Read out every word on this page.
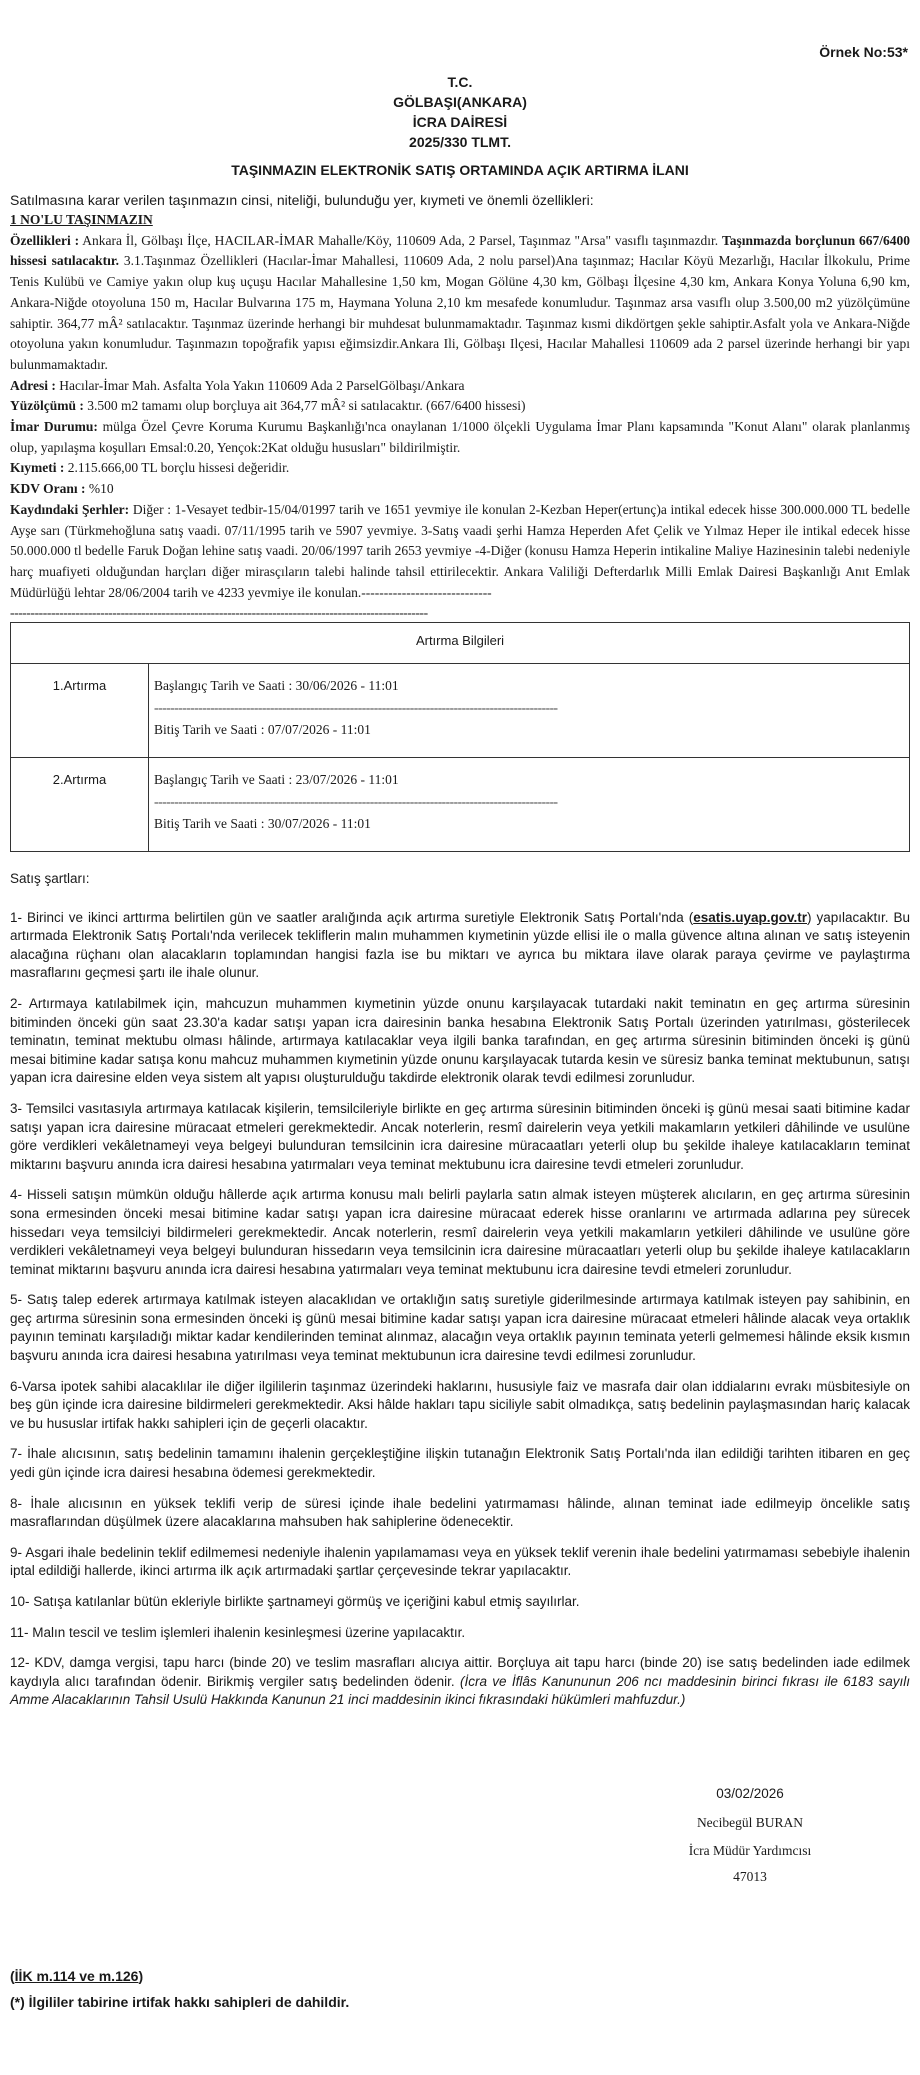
Örnek No:53*
T.C.
GÖLBAŞI(ANKARA)
İCRA DAİRESİ
2025/330 TLMT.
TAŞINMAZIN ELEKTRONİK SATIŞ ORTAMINDA AÇIK ARTIRMA İLANI
Satılmasına karar verilen taşınmazın cinsi, niteliği, bulunduğu yer, kıymeti ve önemli özellikleri:

1 NO'LU TAŞINMAZIN

Özellikleri : Ankara İl, Gölbaşı İlçe, HACILAR-İMAR Mahalle/Köy, 110609 Ada, 2 Parsel, Taşınmaz "Arsa" vasıflı taşınmazdır. Taşınmazda borçlunun 667/6400 hissesi satılacaktır. 3.1.Taşınmaz Özellikleri (Hacılar-İmar Mahallesi, 110609 Ada, 2 nolu parsel)Ana taşınmaz; Hacılar Köyü Mezarlığı, Hacılar İlkokulu, Prime Tenis Kulübü ve Camiye yakın olup kuş uçuşu Hacılar Mahallesine 1,50 km, Mogan Gölüne 4,30 km, Gölbaşı İlçesine 4,30 km, Ankara Konya Yoluna 6,90 km, Ankara-Niğde otoyoluna 150 m, Hacılar Bulvarına 175 m, Haymana Yoluna 2,10 km mesafede konumludur. Taşınmaz arsa vasıflı olup 3.500,00 m2 yüzölçümüne sahiptir. 364,77 mÂ² satılacaktır. Taşınmaz üzerinde herhangi bir muhdesat bulunmamaktadır. Taşınmaz kısmi dikdörtgen şekle sahiptir.Asfalt yola ve Ankara-Niğde otoyoluna yakın konumludur. Taşınmazın topoğrafik yapısı eğimsizdir.Ankara Ili, Gölbaşı Ilçesi, Hacılar Mahallesi 110609 ada 2 parsel üzerinde herhangi bir yapı bulunmamaktadır.

Adresi : Hacılar-İmar Mah. Asfalta Yola Yakın 110609 Ada 2 ParselGölbaşı/Ankara

Yüzölçümü : 3.500 m2 tamamı olup borçluya ait 364,77 mÂ² si satılacaktır. (667/6400 hissesi)

İmar Durumu: mülga Özel Çevre Koruma Kurumu Başkanlığı'nca onaylanan 1/1000 ölçekli Uygulama İmar Planı kapsamında "Konut Alanı" olarak planlanmış olup, yapılaşma koşulları Emsal:0.20, Yençok:2Kat olduğu hususları" bildirilmiştir.

Kıymeti : 2.115.666,00 TL borçlu hissesi değeridir.

KDV Oranı : %10

Kaydındaki Şerhler: Diğer : 1-Vesayet tedbir-15/04/01997 tarih ve 1651 yevmiye ile konulan 2-Kezban Heper(ertunç)a intikal edecek hisse 300.000.000 TL bedelle Ayşe sarı (Türkmehoğluna satış vaadi. 07/11/1995 tarih ve 5907 yevmiye. 3-Satış vaadi şerhi Hamza Heperden Afet Çelik ve Yılmaz Heper ile intikal edecek hisse 50.000.000 tl bedelle Faruk Doğan lehine satış vaadi. 20/06/1997 tarih 2653 yevmiye -4-Diğer (konusu Hamza Heperin intikaline Maliye Hazinesinin talebi nedeniyle harç muafiyeti olduğundan harçları diğer mirasçıların talebi halinde tahsil ettirilecektir. Ankara Valiliği Defterdarlık Milli Emlak Dairesi Başkanlığı Anıt Emlak Müdürlüğü lehtar 28/06/2004 tarih ve 4233 yevmiye ile konulan.-----------------------------

------------------------------------------------------------------------------------------------------

Artırma Bilgileri	
1.Artırma	Başlangıç Tarih ve Saati : 30/06/2026 - 11:01
-----------------------------------------------------------------------------------------------------
Bitiş Tarih ve Saati : 07/07/2026 - 11:01

2.Artırma	Başlangıç Tarih ve Saati : 23/07/2026 - 11:01
-----------------------------------------------------------------------------------------------------
Bitiş Tarih ve Saati : 30/07/2026 - 11:01

Satış şartları:

1- Birinci ve ikinci arttırma belirtilen gün ve saatler aralığında açık artırma suretiyle Elektronik Satış Portalı'nda (esatis.uyap.gov.tr) yapılacaktır. Bu artırmada Elektronik Satış Portalı'nda verilecek tekliflerin malın muhammen kıymetinin yüzde ellisi ile o malla güvence altına alınan ve satış isteyenin alacağına rüçhanı olan alacakların toplamından hangisi fazla ise bu miktarı ve ayrıca bu miktara ilave olarak paraya çevirme ve paylaştırma masraflarını geçmesi şartı ile ihale olunur.

2- Artırmaya katılabilmek için, mahcuzun muhammen kıymetinin yüzde onunu karşılayacak tutardaki nakit teminatın en geç artırma süresinin bitiminden önceki gün saat 23.30'a kadar satışı yapan icra dairesinin banka hesabına Elektronik Satış Portalı üzerinden yatırılması, gösterilecek teminatın, teminat mektubu olması hâlinde, artırmaya katılacaklar veya ilgili banka tarafından, en geç artırma süresinin bitiminden önceki iş günü mesai bitimine kadar satışa konu mahcuz muhammen kıymetinin yüzde onunu karşılayacak tutarda kesin ve süresiz banka teminat mektubunun, satışı yapan icra dairesine elden veya sistem alt yapısı oluşturulduğu takdirde elektronik olarak tevdi edilmesi zorunludur.

3- Temsilci vasıtasıyla artırmaya katılacak kişilerin, temsilcileriyle birlikte en geç artırma süresinin bitiminden önceki iş günü mesai saati bitimine kadar satışı yapan icra dairesine müracaat etmeleri gerekmektedir. Ancak noterlerin, resmî dairelerin veya yetkili makamların yetkileri dâhilinde ve usulüne göre verdikleri vekâletnameyi veya belgeyi bulunduran temsilcinin icra dairesine müracaatları yeterli olup bu şekilde ihaleye katılacakların teminat miktarını başvuru anında icra dairesi hesabına yatırmaları veya teminat mektubunu icra dairesine tevdi etmeleri zorunludur.

4- Hisseli satışın mümkün olduğu hâllerde açık artırma konusu malı belirli paylarla satın almak isteyen müşterek alıcıların, en geç artırma süresinin sona ermesinden önceki mesai bitimine kadar satışı yapan icra dairesine müracaat ederek hisse oranlarını ve artırmada adlarına pey sürecek hissedarı veya temsilciyi bildirmeleri gerekmektedir. Ancak noterlerin, resmî dairelerin veya yetkili makamların yetkileri dâhilinde ve usulüne göre verdikleri vekâletnameyi veya belgeyi bulunduran hissedarın veya temsilcinin icra dairesine müracaatları yeterli olup bu şekilde ihaleye katılacakların teminat miktarını başvuru anında icra dairesi hesabına yatırmaları veya teminat mektubunu icra dairesine tevdi etmeleri zorunludur.

5- Satış talep ederek artırmaya katılmak isteyen alacaklıdan ve ortaklığın satış suretiyle giderilmesinde artırmaya katılmak isteyen pay sahibinin, en geç artırma süresinin sona ermesinden önceki iş günü mesai bitimine kadar satışı yapan icra dairesine müracaat etmeleri hâlinde alacak veya ortaklık payının teminatı karşıladığı miktar kadar kendilerinden teminat alınmaz, alacağın veya ortaklık payının teminata yeterli gelmemesi hâlinde eksik kısmın başvuru anında icra dairesi hesabına yatırılması veya teminat mektubunun icra dairesine tevdi edilmesi zorunludur.

6-Varsa ipotek sahibi alacaklılar ile diğer ilgililerin taşınmaz üzerindeki haklarını, hususiyle faiz ve masrafa dair olan iddialarını evrakı müsbitesiyle on beş gün içinde icra dairesine bildirmeleri gerekmektedir. Aksi hâlde hakları tapu siciliyle sabit olmadıkça, satış bedelinin paylaşmasından hariç kalacak ve bu hususlar irtifak hakkı sahipleri için de geçerli olacaktır.

7- İhale alıcısının, satış bedelinin tamamını ihalenin gerçekleştiğine ilişkin tutanağın Elektronik Satış Portalı'nda ilan edildiği tarihten itibaren en geç yedi gün içinde icra dairesi hesabına ödemesi gerekmektedir.

8- İhale alıcısının en yüksek teklifi verip de süresi içinde ihale bedelini yatırmaması hâlinde, alınan teminat iade edilmeyip öncelikle satış masraflarından düşülmek üzere alacaklarına mahsuben hak sahiplerine ödenecektir.

9- Asgari ihale bedelinin teklif edilmemesi nedeniyle ihalenin yapılamaması veya en yüksek teklif verenin ihale bedelini yatırmaması sebebiyle ihalenin iptal edildiği hallerde, ikinci artırma ilk açık artırmadaki şartlar çerçevesinde tekrar yapılacaktır.

10- Satışa katılanlar bütün ekleriyle birlikte şartnameyi görmüş ve içeriğini kabul etmiş sayılırlar.

11- Malın tescil ve teslim işlemleri ihalenin kesinleşmesi üzerine yapılacaktır.

12- KDV, damga vergisi, tapu harcı (binde 20) ve teslim masrafları alıcıya aittir. Borçluya ait tapu harcı (binde 20) ise satış bedelinden iade edilmek kaydıyla alıcı tarafından ödenir. Birikmiş vergiler satış bedelinden ödenir. (İcra ve İflâs Kanununun 206 ncı maddesinin birinci fıkrası ile 6183 sayılı Amme Alacaklarının Tahsil Usulü Hakkında Kanunun 21 inci maddesinin ikinci fıkrasındaki hükümleri mahfuzdur.)

03/02/2026
Necibegül BURAN
İcra Müdür Yardımcısı
47013
(İİK m.114 ve m.126)
(*) İlgililer tabirine irtifak hakkı sahipleri de dahildir.
